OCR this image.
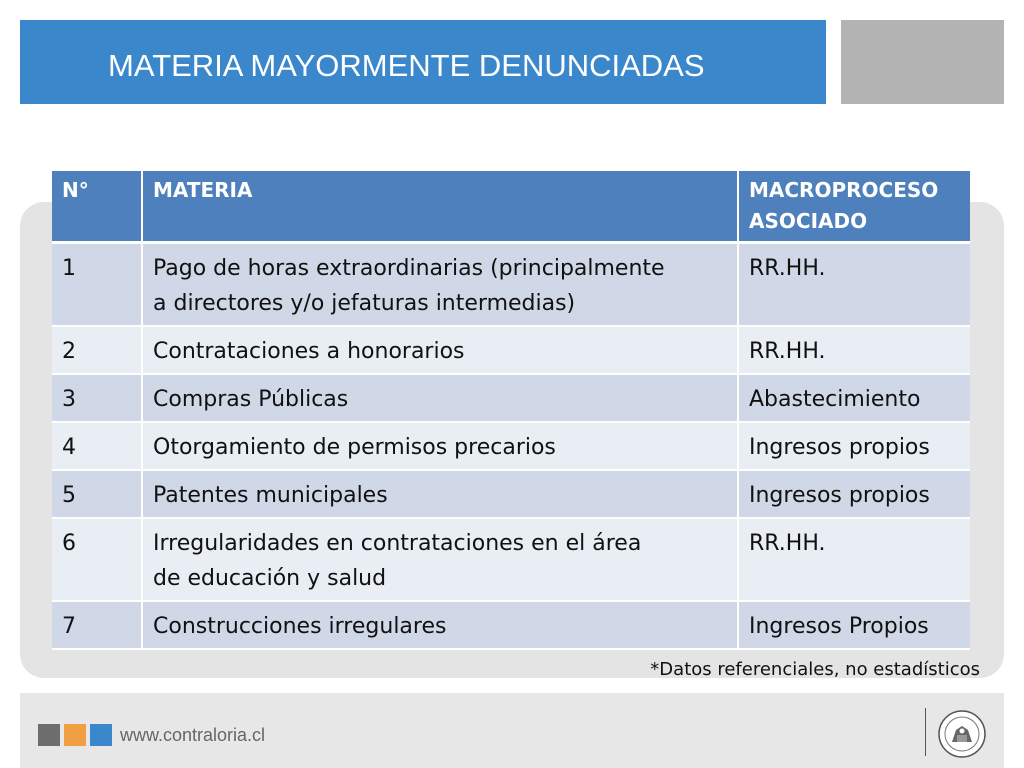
MATERIA MAYORMENTE DENUNCIADAS
N°	MATERIA	MACROPROCESO ASOCIADO

1	Pago de horas extraordinarias (principalmente
a directores y/o jefaturas intermedias)	RR.HH.
2	Contrataciones a honorarios	RR.HH.
3	Compras Públicas	Abastecimiento
4	Otorgamiento de permisos precarios	Ingresos propios
5	Patentes municipales	Ingresos propios
6	Irregularidades en contrataciones en el área
de educación y salud	RR.HH.
7	Construcciones irregulares	Ingresos Propios
*Datos referenciales, no estadísticos
www.contraloria.cl
